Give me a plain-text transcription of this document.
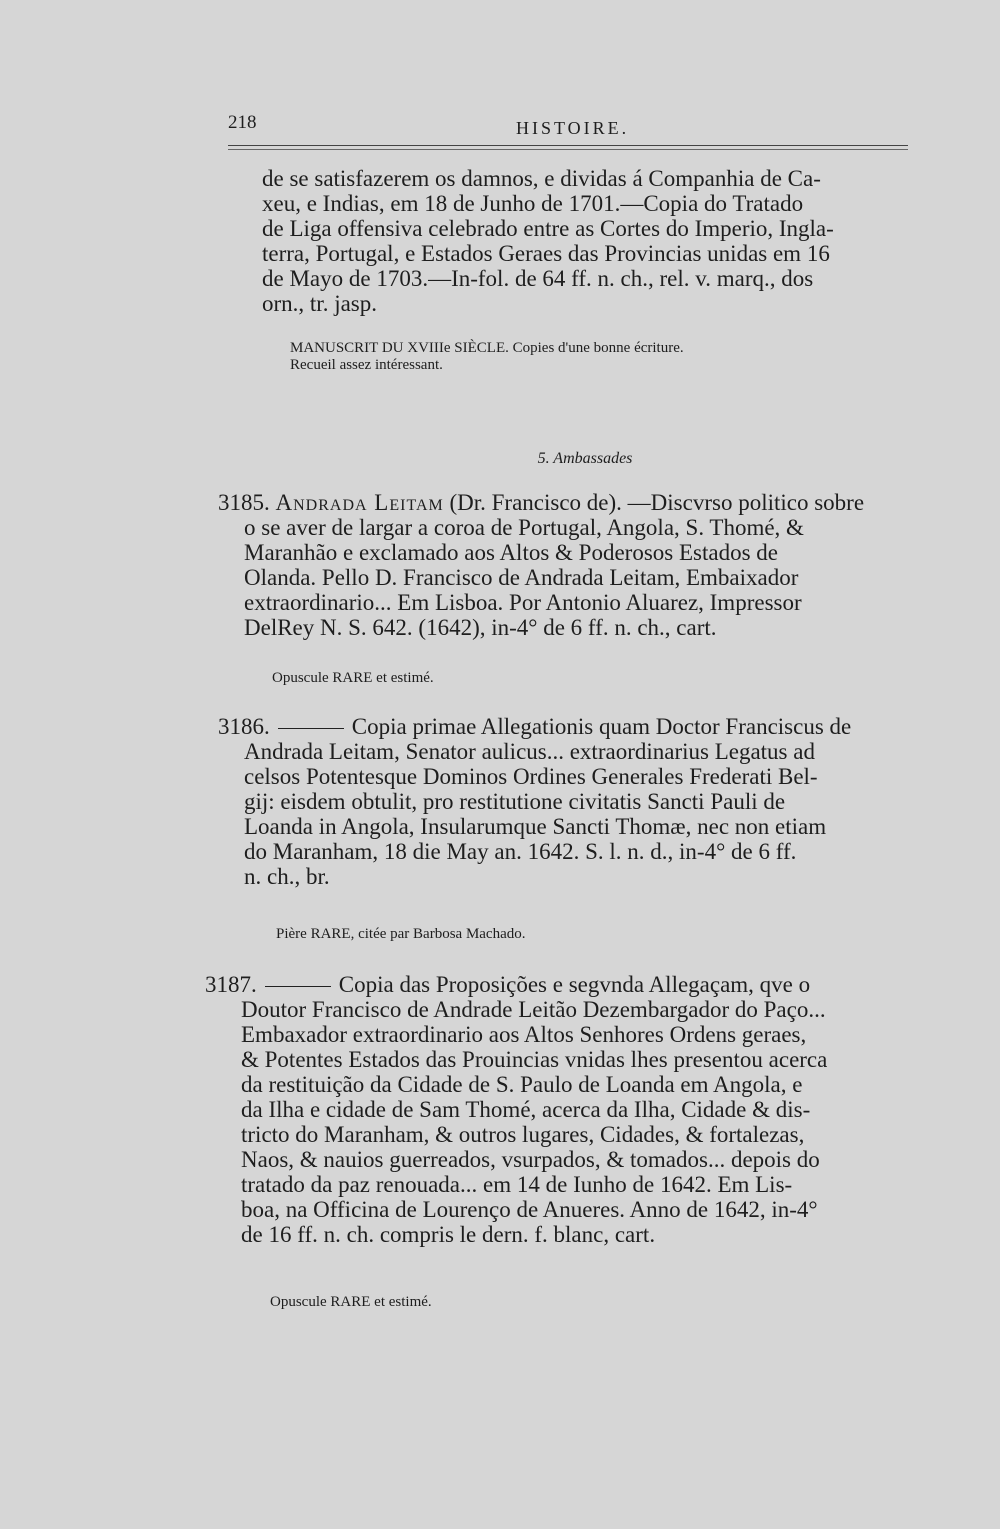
218	HISTOIRE.
de se satisfazerem os damnos, e dividas á Companhia de Ca-
xeu, e Indias, em 18 de Junho de 1701.—Copia do Tratado
de Liga offensiva celebrado entre as Cortes do Imperio, Ingla-
terra, Portugal, e Estados Geraes das Provincias unidas em 16
de Mayo de 1703.—In-fol. de 64 ff. n. ch., rel. v. marq., dos
orn., tr. jasp.
MANUSCRIT DU XVIIIe SIÈCLE. Copies d'une bonne écriture.
Recueil assez intéressant.
5. Ambassades
3185. Andrada Leitam (Dr. Francisco de). —Discvrso politico sobre
o se aver de largar a coroa de Portugal, Angola, S. Thomé, &
Maranhão e exclamado aos Altos & Poderosos Estados de
Olanda. Pello D. Francisco de Andrada Leitam, Embaixador
extraordinario... Em Lisboa. Por Antonio Aluarez, Impressor
DelRey N. S. 642. (1642), in-4° de 6 ff. n. ch., cart.
Opuscule RARE et estimé.
3186.	Copia primae Allegationis quam Doctor Franciscus de
Andrada Leitam, Senator aulicus... extraordinarius Legatus ad
celsos Potentesque Dominos Ordines Generales Frederati Bel-
gij: eisdem obtulit, pro restitutione civitatis Sancti Pauli de
Loanda in Angola, Insularumque Sancti Thomæ, nec non etiam
do Maranham, 18 die May an. 1642. S. l. n. d., in-4° de 6 ff.
n. ch., br.
Pière RARE, citée par Barbosa Machado.
3187.	Copia das Proposições e segvnda Allegaçam, qve o
Doutor Francisco de Andrade Leitão Dezembargador do Paço...
Embaxador extraordinario aos Altos Senhores Ordens geraes,
& Potentes Estados das Prouincias vnidas lhes presentou acerca
da restituição da Cidade de S. Paulo de Loanda em Angola, e
da Ilha e cidade de Sam Thomé, acerca da Ilha, Cidade & dis-
tricto do Maranham, & outros lugares, Cidades, & fortalezas,
Naos, & nauios guerreados, vsurpados, & tomados... depois do
tratado da paz renouada... em 14 de Iunho de 1642. Em Lis-
boa, na Officina de Lourenço de Anueres. Anno de 1642, in-4°
de 16 ff. n. ch. compris le dern. f. blanc, cart.
Opuscule RARE et estimé.
